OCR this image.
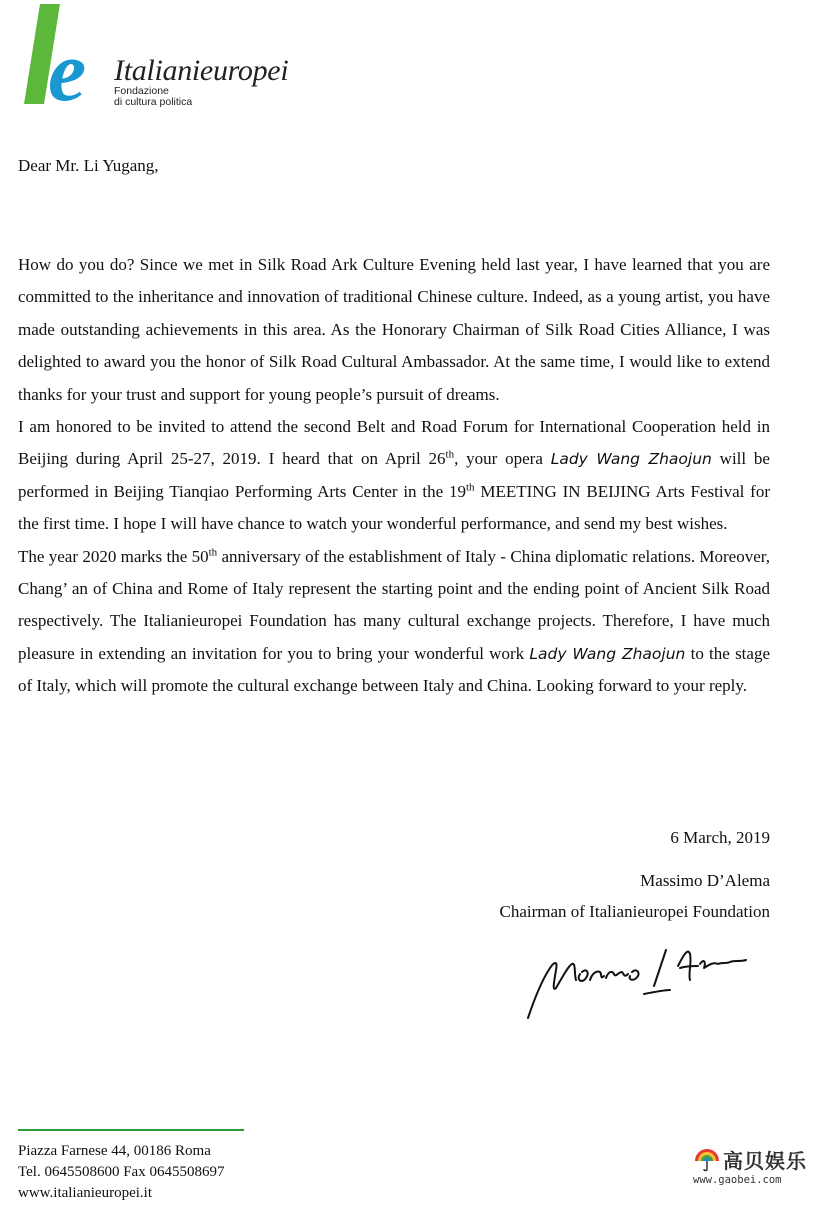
e Italianieuropei
Fondazione
di cultura politica
Dear Mr. Li Yugang,

How do you do? Since we met in Silk Road Ark Culture Evening held last year, I have learned that you are committed to the inheritance and innovation of traditional Chinese culture. Indeed, as a young artist, you have made outstanding achievements in this area. As the Honorary Chairman of Silk Road Cities Alliance, I was delighted to award you the honor of Silk Road Cultural Ambassador. At the same time, I would like to extend thanks for your trust and support for young people’s pursuit of dreams.

I am honored to be invited to attend the second Belt and Road Forum for International Cooperation held in Beijing during April 25-27, 2019. I heard that on April 26th, your opera Lady Wang Zhaojun will be performed in Beijing Tianqiao Performing Arts Center in the 19th MEETING IN BEIJING Arts Festival for the first time. I hope I will have chance to watch your wonderful performance, and send my best wishes.

The year 2020 marks the 50th anniversary of the establishment of Italy - China diplomatic relations. Moreover, Chang’ an of China and Rome of Italy represent the starting point and the ending point of Ancient Silk Road respectively. The Italianieuropei Foundation has many cultural exchange projects. Therefore, I have much pleasure in extending an invitation for you to bring your wonderful work Lady Wang Zhaojun to the stage of Italy, which will promote the cultural exchange between Italy and China. Looking forward to your reply.

6 March, 2019
Massimo D’Alema
Chairman of Italianieuropei Foundation
Piazza Farnese 44, 00186 Roma
Tel. 0645508600 Fax 0645508697
www.italianieuropei.it
高贝娱乐
www.gaobei.com
